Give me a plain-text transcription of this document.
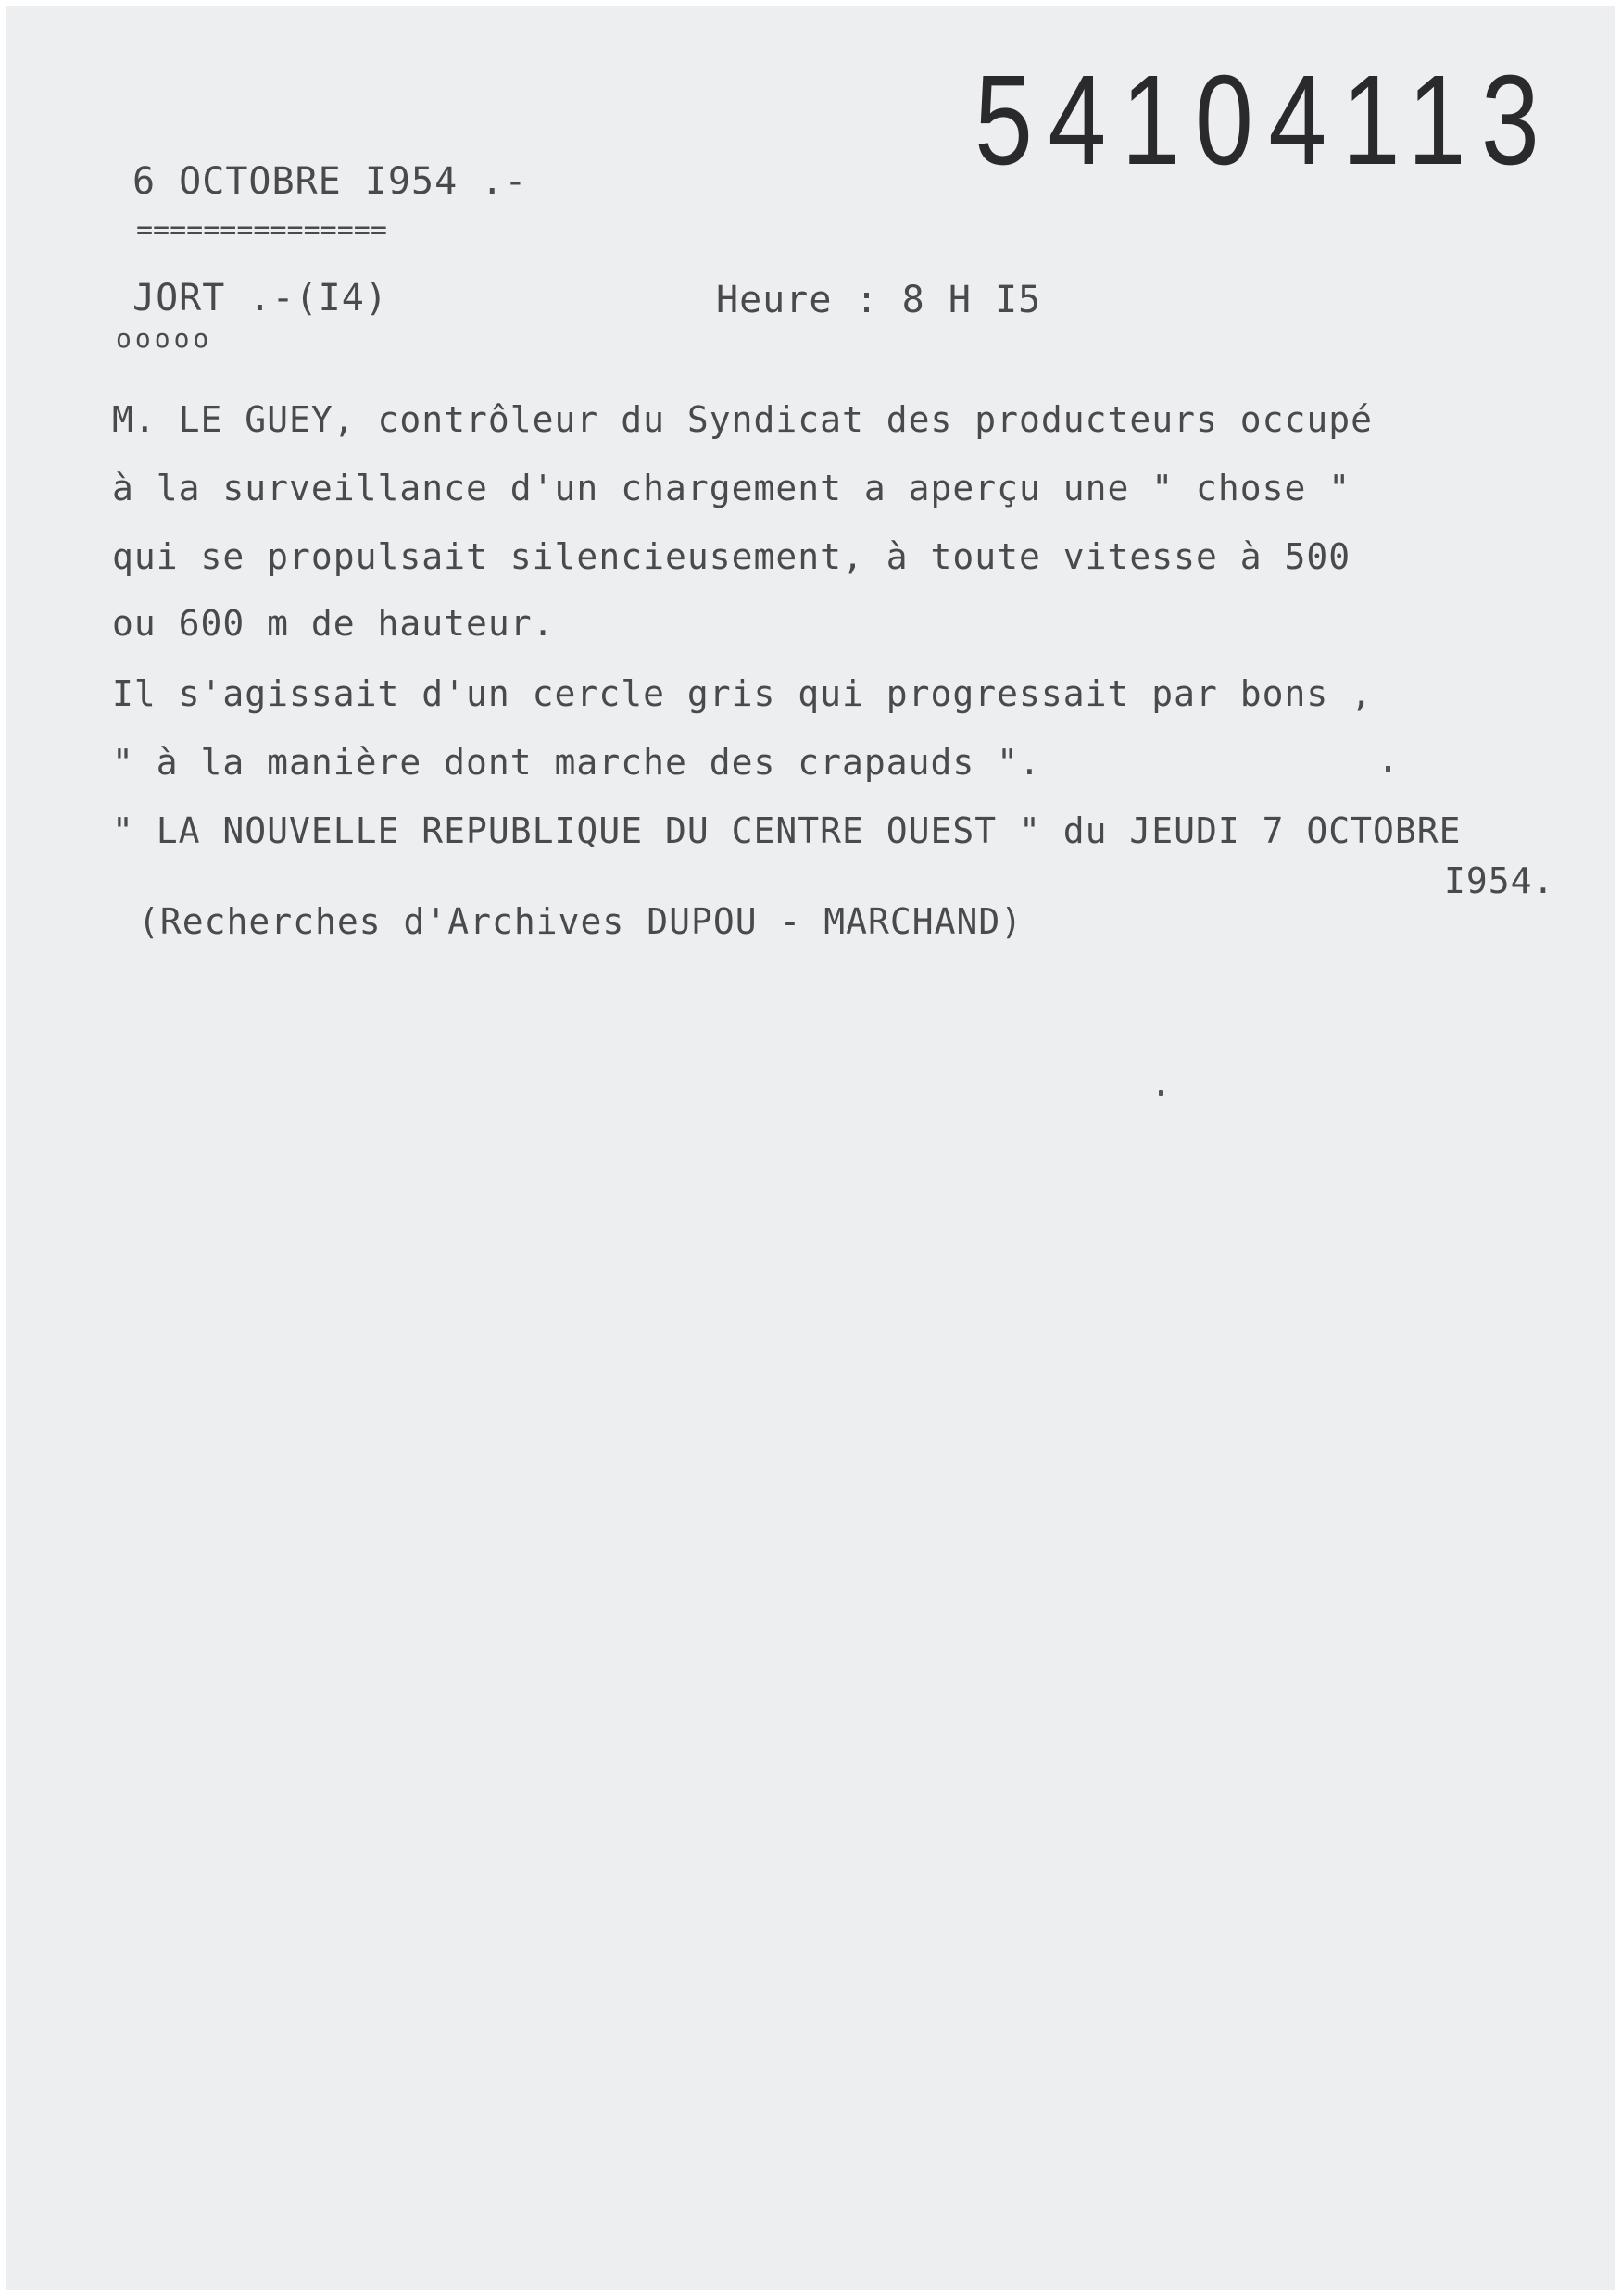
54104113
6 OCTOBRE I954 .-
===============
JORT .-(I4)
ooooo
Heure : 8 H I5
M. LE GUEY, contrôleur du Syndicat des producteurs occupé
à la surveillance d'un chargement a aperçu une " chose "
qui se propulsait silencieusement, à toute vitesse à 500
ou 600 m de hauteur.
Il s'agissait d'un cercle gris qui progressait par bons ,
" à la manière dont marche des crapauds ".
" LA NOUVELLE REPUBLIQUE DU CENTRE OUEST " du JEUDI 7 OCTOBRE
I954.
(Recherches d'Archives DUPOU - MARCHAND)
